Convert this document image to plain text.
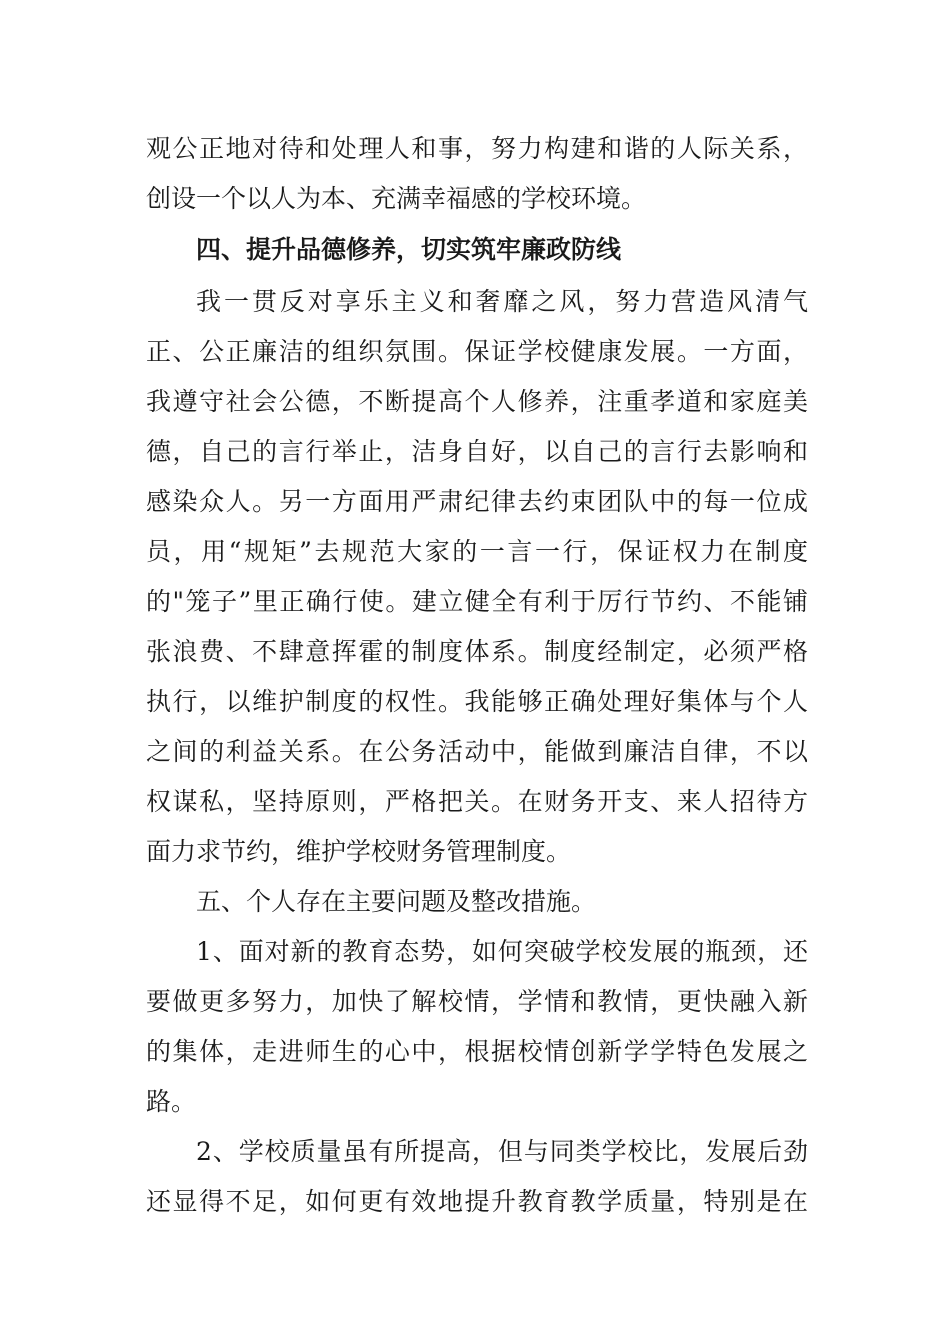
观公正地对待和处理人和事，努力构建和谐的人际关系，
创设一个以人为本、充满幸福感的学校环境。
四、提升品德修养，切实筑牢廉政防线
我一贯反对享乐主义和奢靡之风，努力营造风清气
正、公正廉洁的组织氛围。保证学校健康发展。一方面，
我遵守社会公德，不断提高个人修养，注重孝道和家庭美
德，自己的言行举止，洁身自好，以自己的言行去影响和
感染众人。另一方面用严肃纪律去约束团队中的每一位成
员，用“规矩”去规范大家的一言一行，保证权力在制度
的"笼子”里正确行使。建立健全有利于厉行节约、不能铺
张浪费、不肆意挥霍的制度体系。制度经制定，必须严格
执行，以维护制度的权性。我能够正确处理好集体与个人
之间的利益关系。在公务活动中，能做到廉洁自律，不以
权谋私，坚持原则，严格把关。在财务开支、来人招待方
面力求节约，维护学校财务管理制度。
五、个人存在主要问题及整改措施。
1、面对新的教育态势，如何突破学校发展的瓶颈，还
要做更多努力，加快了解校情，学情和教情，更快融入新
的集体，走进师生的心中，根据校情创新学学特色发展之
路。
2、学校质量虽有所提高，但与同类学校比，发展后劲
还显得不足，如何更有效地提升教育教学质量，特别是在
